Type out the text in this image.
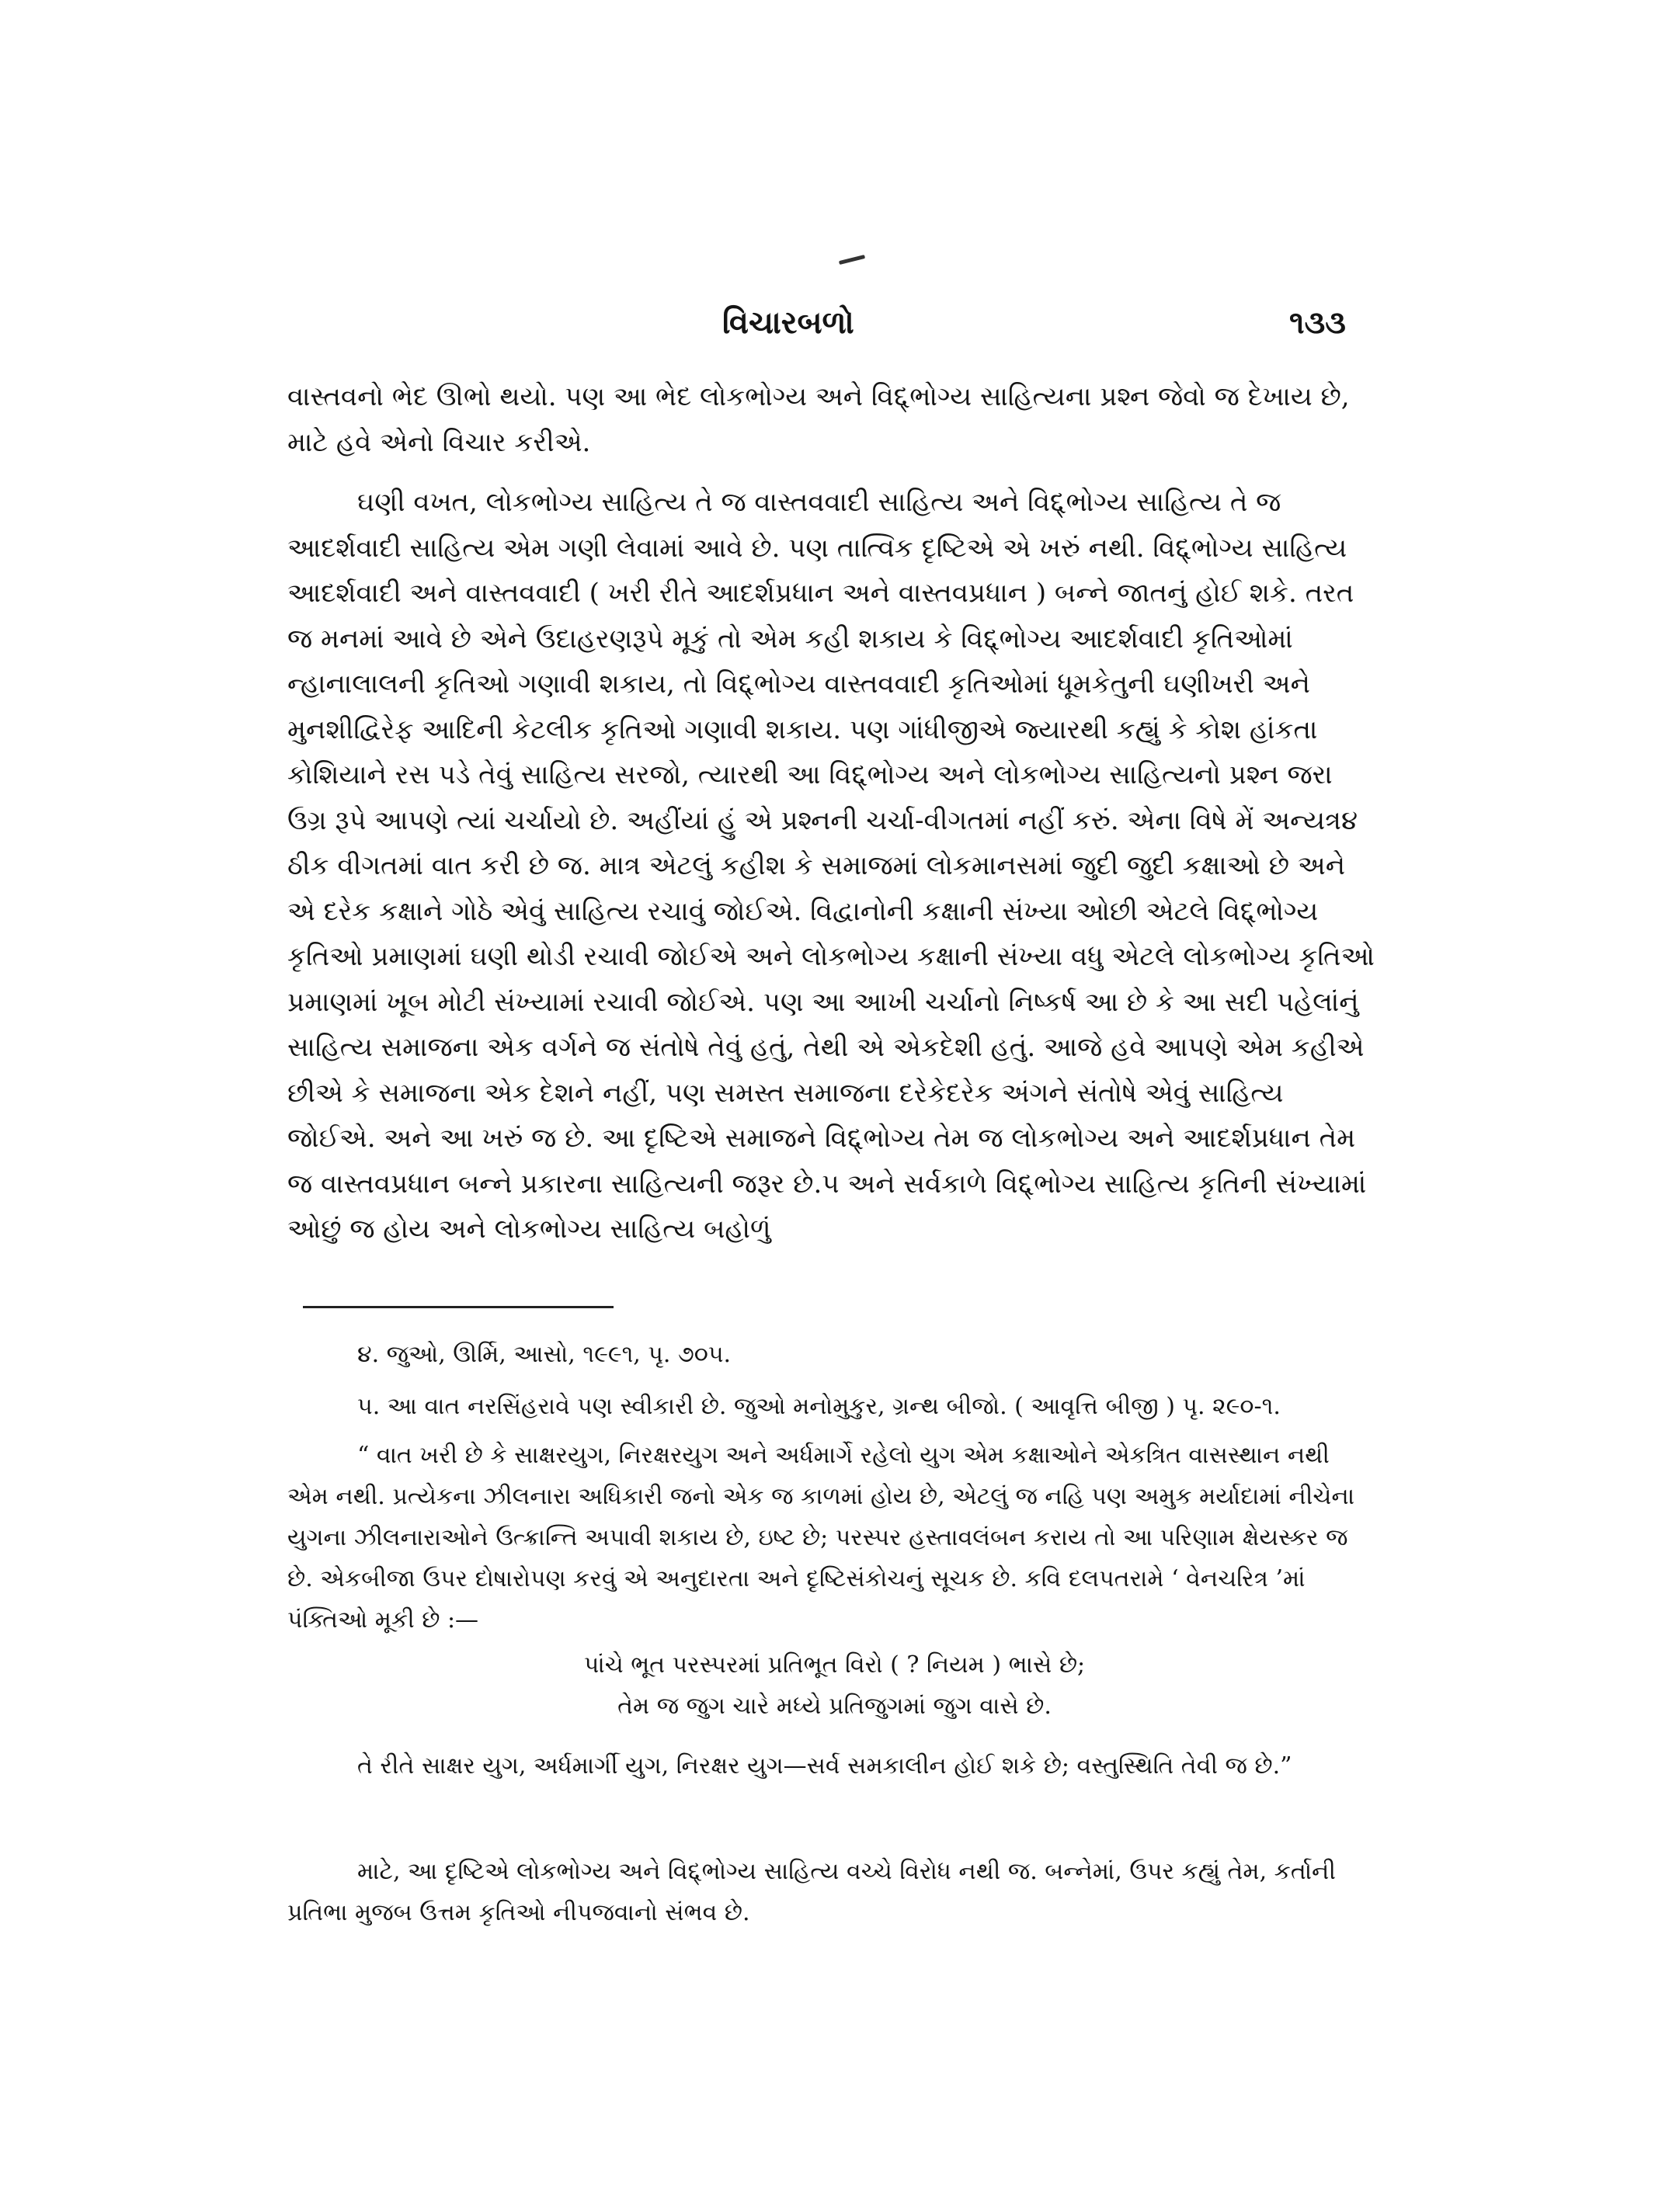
વિચારબળો	૧૩૩

વાસ્તવનો ભેદ ઊભો થયો. પણ આ ભેદ લોકભોગ્ય અને વિદ્દ્ભોગ્ય સાહિત્યના પ્રશ્ન જેવો જ દેખાય છે, માટે હવે એનો વિચાર કરીએ.

ઘણી વખત, લોકભોગ્ય સાહિત્ય તે જ વાસ્તવવાદી સાહિત્ય અને વિદ્દ્ભોગ્ય સાહિત્ય તે જ આદર્શવાદી સાહિત્ય એમ ગણી લેવામાં આવે છે. પણ તાત્વિક દૃષ્ટિએ એ ખરું નથી. વિદ્દ્ભોગ્ય સાહિત્ય આદર્શવાદી અને વાસ્તવવાદી ( ખરી રીતે આદર્શપ્રધાન અને વાસ્તવપ્રધાન ) બન્ને જાતનું હોઈ શકે. તરત જ મનમાં આવે છે એને ઉદાહરણરૂપે મૂકું તો એમ કહી શકાય કે વિદ્દ્ભોગ્ય આદર્શવાદી કૃતિઓમાં ન્હાનાલાલની કૃતિઓ ગણાવી શકાય, તો વિદ્દ્ભોગ્ય વાસ્તવવાદી કૃતિઓમાં ધૂમકેતુની ઘણીખરી અને મુનશીદ્વિરેફ આદિની કેટલીક કૃતિઓ ગણાવી શકાય. પણ ગાંધીજીએ જ્યારથી કહ્યું કે કોશ હાંકતા કોશિયાને રસ પડે તેવું સાહિત્ય સરજો, ત્યારથી આ વિદ્દ્ભોગ્ય અને લોકભોગ્ય સાહિત્યનો પ્રશ્ન જરા ઉગ્ર રૂપે આપણે ત્યાં ચર્ચાયો છે. અહીંયાં હું એ પ્રશ્નની ચર્ચા-વીગતમાં નહીં કરું. એના વિષે મેં અન્યત્ર૪ ઠીક વીગતમાં વાત કરી છે જ. માત્ર એટલું કહીશ કે સમાજમાં લોકમાનસમાં જુદી જુદી કક્ષાઓ છે અને એ દરેક કક્ષાને ગોઠે એવું સાહિત્ય રચાવું જોઈએ. વિદ્વાનોની કક્ષાની સંખ્યા ઓછી એટલે વિદ્દ્ભોગ્ય કૃતિઓ પ્રમાણમાં ઘણી થોડી રચાવી જોઈએ અને લોકભોગ્ય કક્ષાની સંખ્યા વધુ એટલે લોકભોગ્ય કૃતિઓ પ્રમાણમાં ખૂબ મોટી સંખ્યામાં રચાવી જોઈએ. પણ આ આખી ચર્ચાનો નિષ્કર્ષ આ છે કે આ સદી પહેલાંનું સાહિત્ય સમાજના એક વર્ગને જ સંતોષે તેવું હતું, તેથી એ એકદેશી હતું. આજે હવે આપણે એમ કહીએ છીએ કે સમાજના એક દેશને નહીં, પણ સમસ્ત સમાજના દરેકેદરેક અંગને સંતોષે એવું સાહિત્ય જોઈએ. અને આ ખરું જ છે. આ દૃષ્ટિએ સમાજને વિદ્દ્ભોગ્ય તેમ જ લોકભોગ્ય અને આદર્શપ્રધાન તેમ જ વાસ્તવપ્રધાન બન્ને પ્રકારના સાહિત્યની જરૂર છે.૫ અને સર્વકાળે વિદ્દ્ભોગ્ય સાહિત્ય કૃતિની સંખ્યામાં ઓછું જ હોય અને લોકભોગ્ય સાહિત્ય બહોળું

૪. જુઓ, ઊર્મિ, આસો, ૧૯૯૧, પૃ. ૭૦૫.

૫. આ વાત નરસિંહરાવે પણ સ્વીકારી છે. જુઓ મનોમુકુર, ગ્રન્થ બીજો. ( આવૃત્તિ બીજી ) પૃ. ૨૯૦-૧.

“ વાત ખરી છે કે સાક્ષરયુગ, નિરક્ષરયુગ અને અર્ધમાર્ગે રહેલો યુગ એમ કક્ષાઓને એકત્રિત વાસસ્થાન નથી એમ નથી. પ્રત્યેકના ઝીલનારા અધિકારી જનો એક જ કાળમાં હોય છે, એટલું જ નહિ પણ અમુક મર્યાદામાં નીચેના યુગના ઝીલનારાઓને ઉત્ક્રાન્તિ અપાવી શકાય છે, ઇષ્ટ છે; પરસ્પર હસ્તાવલંબન કરાય તો આ પરિણામ ક્ષેયસ્કર જ છે. એકબીજા ઉપર દોષારોપણ કરવું એ અનુદારતા અને દૃષ્ટિસંકોચનું સૂચક છે. કવિ દલપતરામે ‘ વેનચરિત્ર ’માં પંક્તિઓ મૂકી છે :—

પાંચે ભૂત પરસ્પરમાં પ્રતિભૂત વિરો ( ? નિયમ ) ભાસે છે;

તેમ જ જુગ ચારે મધ્યે પ્રતિજુગમાં જુગ વાસે છે.

તે રીતે સાક્ષર યુગ, અર્ધમાર્ગી યુગ, નિરક્ષર યુગ—સર્વ સમકાલીન હોઈ શકે છે; વસ્તુસ્થિતિ તેવી જ છે.”

માટે, આ દૃષ્ટિએ લોકભોગ્ય અને વિદ્દ્ભોગ્ય સાહિત્ય વચ્ચે વિરોધ નથી જ. બન્નેમાં, ઉપર કહ્યું તેમ, કર્તાની પ્રતિભા મુજબ ઉત્તમ કૃતિઓ નીપજવાનો સંભવ છે.
